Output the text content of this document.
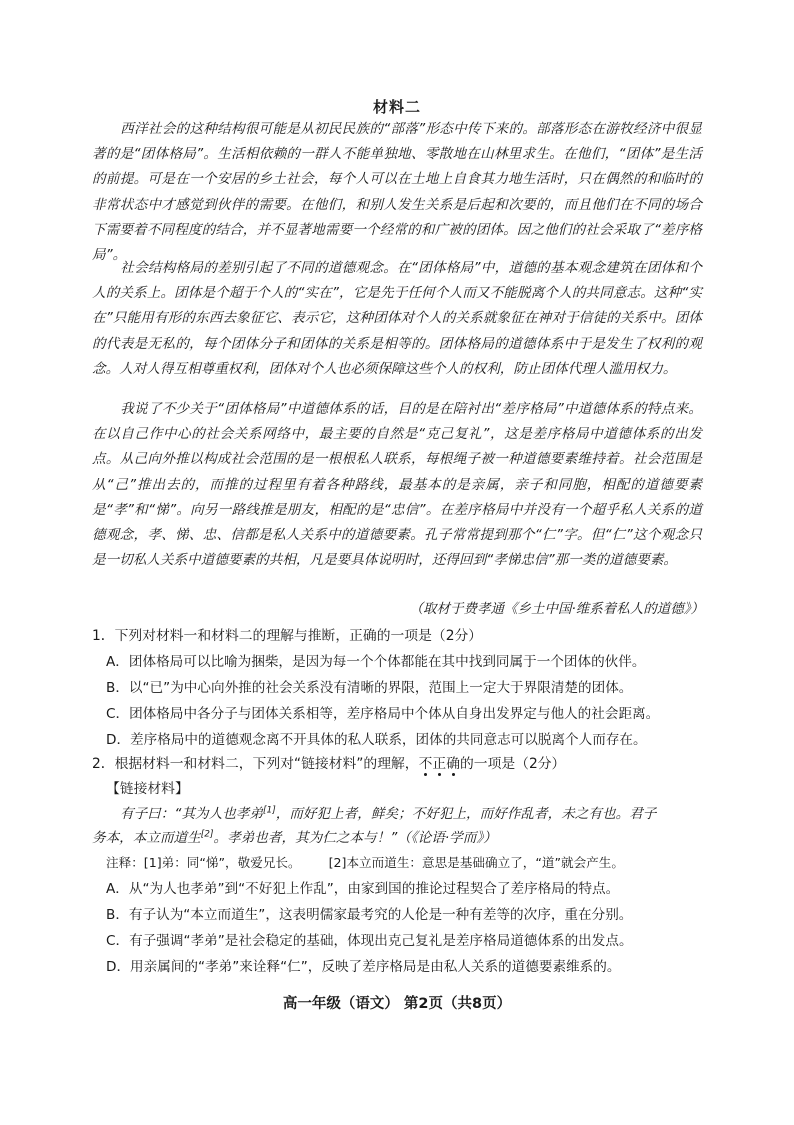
材料二

西洋社会的这种结构很可能是从初民民族的“部落”形态中传下来的。部落形态在游牧经济中很显著的是“团体格局”。生活相依赖的一群人不能单独地、零散地在山林里求生。在他们，“团体”是生活的前提。可是在一个安居的乡土社会，每个人可以在土地上自食其力地生活时，只在偶然的和临时的非常状态中才感觉到伙伴的需要。在他们，和别人发生关系是后起和次要的，而且他们在不同的场合下需要着不同程度的结合，并不显著地需要一个经常的和广被的团体。因之他们的社会采取了“差序格局”。

社会结构格局的差别引起了不同的道德观念。在“团体格局”中，道德的基本观念建筑在团体和个人的关系上。团体是个超于个人的“实在”，它是先于任何个人而又不能脱离个人的共同意志。这种“实在”只能用有形的东西去象征它、表示它，这种团体对个人的关系就象征在神对于信徒的关系中。团体的代表是无私的，每个团体分子和团体的关系是相等的。团体格局的道德体系中于是发生了权利的观念。人对人得互相尊重权利，团体对个人也必须保障这些个人的权利，防止团体代理人滥用权力。

我说了不少关于“团体格局”中道德体系的话，目的是在陪衬出“差序格局”中道德体系的特点来。在以自己作中心的社会关系网络中，最主要的自然是“克己复礼”，这是差序格局中道德体系的出发点。从己向外推以构成社会范围的是一根根私人联系，每根绳子被一种道德要素维持着。社会范围是从“己”推出去的，而推的过程里有着各种路线，最基本的是亲属，亲子和同胞，相配的道德要素是“孝”和“悌”。向另一路线推是朋友，相配的是“忠信”。在差序格局中并没有一个超乎私人关系的道德观念，孝、悌、忠、信都是私人关系中的道德要素。孔子常常提到那个“仁”字。但“仁”这个观念只是一切私人关系中道德要素的共相，凡是要具体说明时，还得回到“孝悌忠信”那一类的道德要素。

（取材于费孝通《乡土中国·维系着私人的道德》）
1．下列对材料一和材料二的理解与推断，正确的一项是（2分）
A．团体格局可以比喻为捆柴，是因为每一个个体都能在其中找到同属于一个团体的伙伴。
B．以“已”为中心向外推的社会关系没有清晰的界限，范围上一定大于界限清楚的团体。
C．团体格局中各分子与团体关系相等，差序格局中个体从自身出发界定与他人的社会距离。
D．差序格局中的道德观念离不开具体的私人联系，团体的共同意志可以脱离个人而存在。
2．根据材料一和材料二，下列对“链接材料”的理解，不正确的一项是（2分）
【链接材料】
有子曰：“其为人也孝弟[1]，而好犯上者，鲜矣；不好犯上，而好作乱者，未之有也。君子
务本，本立而道生[2]。孝弟也者，其为仁之本与！”（《论语·学而》）
注释：[1]弟：同“悌”，敬爱兄长。 [2]本立而道生：意思是基础确立了，“道”就会产生。
A．从“为人也孝弟”到“不好犯上作乱”，由家到国的推论过程契合了差序格局的特点。
B．有子认为“本立而道生”，这表明儒家最考究的人伦是一种有差等的次序，重在分别。
C．有子强调“孝弟”是社会稳定的基础，体现出克己复礼是差序格局道德体系的出发点。
D．用亲属间的“孝弟”来诠释“仁”，反映了差序格局是由私人关系的道德要素维系的。
高一年级（语文） 第2页（共8页）
